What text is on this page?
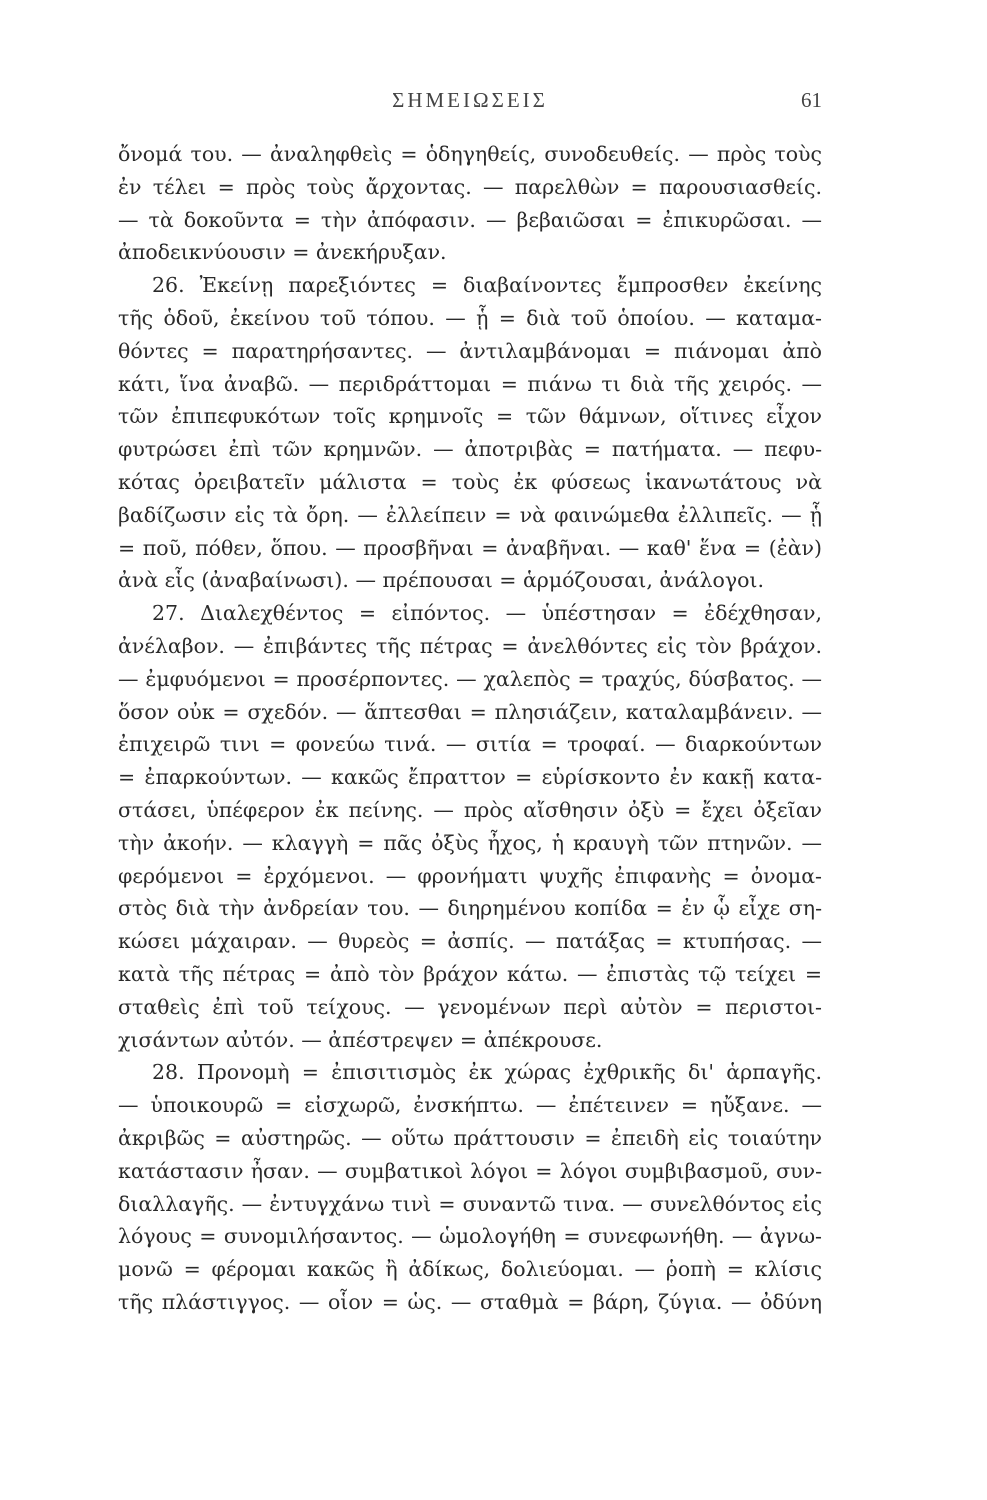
ΣΗΜΕΙΩΣΕΙΣ	61
ὄνομά του. — ἀναληφθεὶς = ὁδηγηθείς, συνοδευθείς. — πρὸς τοὺς
ἐν τέλει = πρὸς τοὺς ἄρχοντας. — παρελθὼν = παρουσιασθείς.
— τὰ δοκοῦντα = τὴν ἀπόφασιν. — βεβαιῶσαι = ἐπικυρῶσαι. —
ἀποδεικνύουσιν = ἀνεκήρυξαν.
26. Ἐκείνῃ παρεξιόντες = διαβαίνοντες ἔμπροσθεν ἐκείνης
τῆς ὁδοῦ, ἐκείνου τοῦ τόπου. — ᾗ = διὰ τοῦ ὁποίου. — καταμα-
θόντες = παρατηρήσαντες. — ἀντιλαμβάνομαι = πιάνομαι ἀπὸ
κάτι, ἵνα ἀναβῶ. — περιδράττομαι = πιάνω τι διὰ τῆς χειρός. —
τῶν ἐπιπεφυκότων τοῖς κρημνοῖς = τῶν θάμνων, οἵτινες εἶχον
φυτρώσει ἐπὶ τῶν κρημνῶν. — ἀποτριβὰς = πατήματα. — πεφυ-
κότας ὀρειβατεῖν μάλιστα = τοὺς ἐκ φύσεως ἱκανωτάτους νὰ
βαδίζωσιν εἰς τὰ ὄρη. — ἐλλείπειν = νὰ φαινώμεθα ἐλλιπεῖς. — ᾗ
= ποῦ, πόθεν, ὅπου. — προσβῆναι = ἀναβῆναι. — καθ' ἕνα = (ἐὰν)
ἀνὰ εἷς (ἀναβαίνωσι). — πρέπουσαι = ἁρμόζουσαι, ἀνάλογοι.
27. Διαλεχθέντος = εἰπόντος. — ὑπέστησαν = ἐδέχθησαν,
ἀνέλαβον. — ἐπιβάντες τῆς πέτρας = ἀνελθόντες εἰς τὸν βράχον.
— ἐμφυόμενοι = προσέρποντες. — χαλεπὸς = τραχύς, δύσβατος. —
ὅσον οὐκ = σχεδόν. — ἅπτεσθαι = πλησιάζειν, καταλαμβάνειν. —
ἐπιχειρῶ τινι = φονεύω τινά. — σιτία = τροφαί. — διαρκούντων
= ἐπαρκούντων. — κακῶς ἔπραττον = εὑρίσκοντο ἐν κακῇ κατα-
στάσει, ὑπέφερον ἐκ πείνης. — πρὸς αἴσθησιν ὀξὺ = ἔχει ὀξεῖαν
τὴν ἀκοήν. — κλαγγὴ = πᾶς ὀξὺς ἦχος, ἡ κραυγὴ τῶν πτηνῶν. —
φερόμενοι = ἐρχόμενοι. — φρονήματι ψυχῆς ἐπιφανὴς = ὀνομα-
στὸς διὰ τὴν ἀνδρείαν του. — διηρημένου κοπίδα = ἐν ᾧ εἶχε ση-
κώσει μάχαιραν. — θυρεὸς = ἀσπίς. — πατάξας = κτυπήσας. —
κατὰ τῆς πέτρας = ἀπὸ τὸν βράχον κάτω. — ἐπιστὰς τῷ τείχει =
σταθεὶς ἐπὶ τοῦ τείχους. — γενομένων περὶ αὐτὸν = περιστοι-
χισάντων αὐτόν. — ἀπέστρεψεν = ἀπέκρουσε.
28. Προνομὴ = ἐπισιτισμὸς ἐκ χώρας ἐχθρικῆς δι' ἁρπαγῆς.
— ὑποικουρῶ = εἰσχωρῶ, ἐνσκήπτω. — ἐπέτεινεν = ηὔξανε. —
ἀκριβῶς = αὐστηρῶς. — οὕτω πράττουσιν = ἐπειδὴ εἰς τοιαύτην
κατάστασιν ἦσαν. — συμβατικοὶ λόγοι = λόγοι συμβιβασμοῦ, συν-
διαλλαγῆς. — ἐντυγχάνω τινὶ = συναντῶ τινα. — συνελθόντος εἰς
λόγους = συνομιλήσαντος. — ὡμολογήθη = συνεφωνήθη. — ἀγνω-
μονῶ = φέρομαι κακῶς ἢ ἀδίκως, δολιεύομαι. — ῥοπὴ = κλίσις
τῆς πλάστιγγος. — οἷον = ὡς. — σταθμὰ = βάρη, ζύγια. — ὀδύνη
